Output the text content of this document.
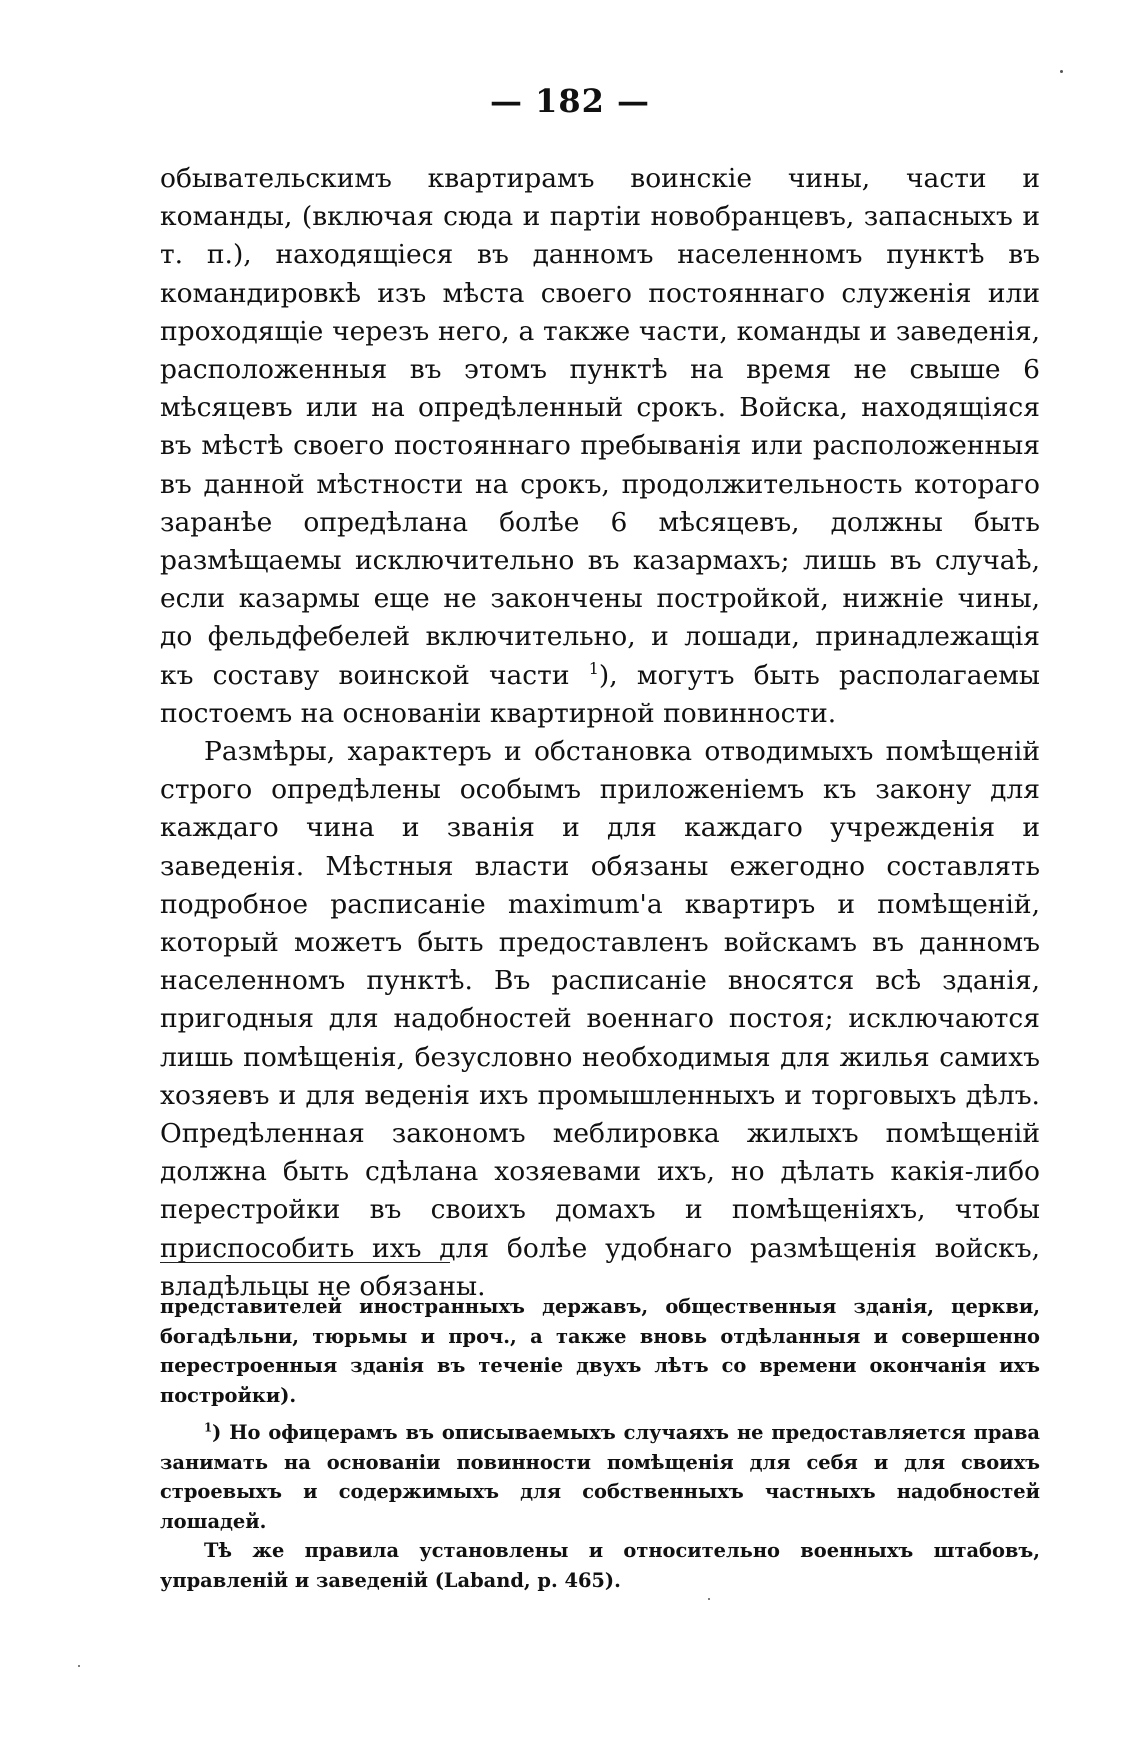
— 182 —

обывательскимъ квартирамъ воинскіе чины, части и команды, (включая сюда и партіи новобранцевъ, запасныхъ и т. п.), находящіеся въ данномъ населенномъ пунктѣ въ командировкѣ изъ мѣста своего постояннаго служенія или проходящіе черезъ него, а также части, команды и заведенія, расположенныя въ этомъ пунктѣ на время не свыше 6 мѣсяцевъ или на опредѣленный срокъ. Войска, находящіяся въ мѣстѣ своего постояннаго пребыванія или расположенныя въ данной мѣстности на срокъ, продолжительность котораго заранѣе опредѣлана болѣе 6 мѣсяцевъ, должны быть размѣщаемы исключительно въ казармахъ; лишь въ случаѣ, если казармы еще не закончены постройкой, нижніе чины, до фельдфебелей включительно, и лошади, принадлежащія къ составу воинской части $^1$), могутъ быть располагаемы постоемъ на основаніи квартирной повинности.

Размѣры, характеръ и обстановка отводимыхъ помѣщеній строго опредѣлены особымъ приложеніемъ къ закону для каждаго чина и званія и для каждаго учрежденія и заведенія. Мѣстныя власти обязаны ежегодно составлять подробное расписаніе maximum'а квартиръ и помѣщеній, который можетъ быть предоставленъ войскамъ въ данномъ населенномъ пунктѣ. Въ расписаніе вносятся всѣ зданія, пригодныя для надобностей военнаго постоя; исключаются лишь помѣщенія, безусловно необходимыя для жилья самихъ хозяевъ и для веденія ихъ промышленныхъ и торговыхъ дѣлъ. Опредѣленная закономъ меблировка жилыхъ помѣщеній должна быть сдѣлана хозяевами ихъ, но дѣлать какія-либо перестройки въ своихъ домахъ и помѣщеніяхъ, чтобы приспособить ихъ для болѣе удобнаго размѣщенія войскъ, владѣльцы не обязаны.

представителей иностранныхъ державъ, общественныя зданія, церкви, богадѣльни, тюрьмы и проч., а также вновь отдѣланныя и совершенно перестроенныя зданія въ теченіе двухъ лѣтъ со времени окончанія ихъ постройки).

$^1$) Но офицерамъ въ описываемыхъ случаяхъ не предоставляется права занимать на основаніи повинности помѣщенія для себя и для своихъ строевыхъ и содержимыхъ для собственныхъ частныхъ надобностей лошадей.

Тѣ же правила установлены и относительно военныхъ штабовъ, управленій и заведеній (Laband, p. 465).
